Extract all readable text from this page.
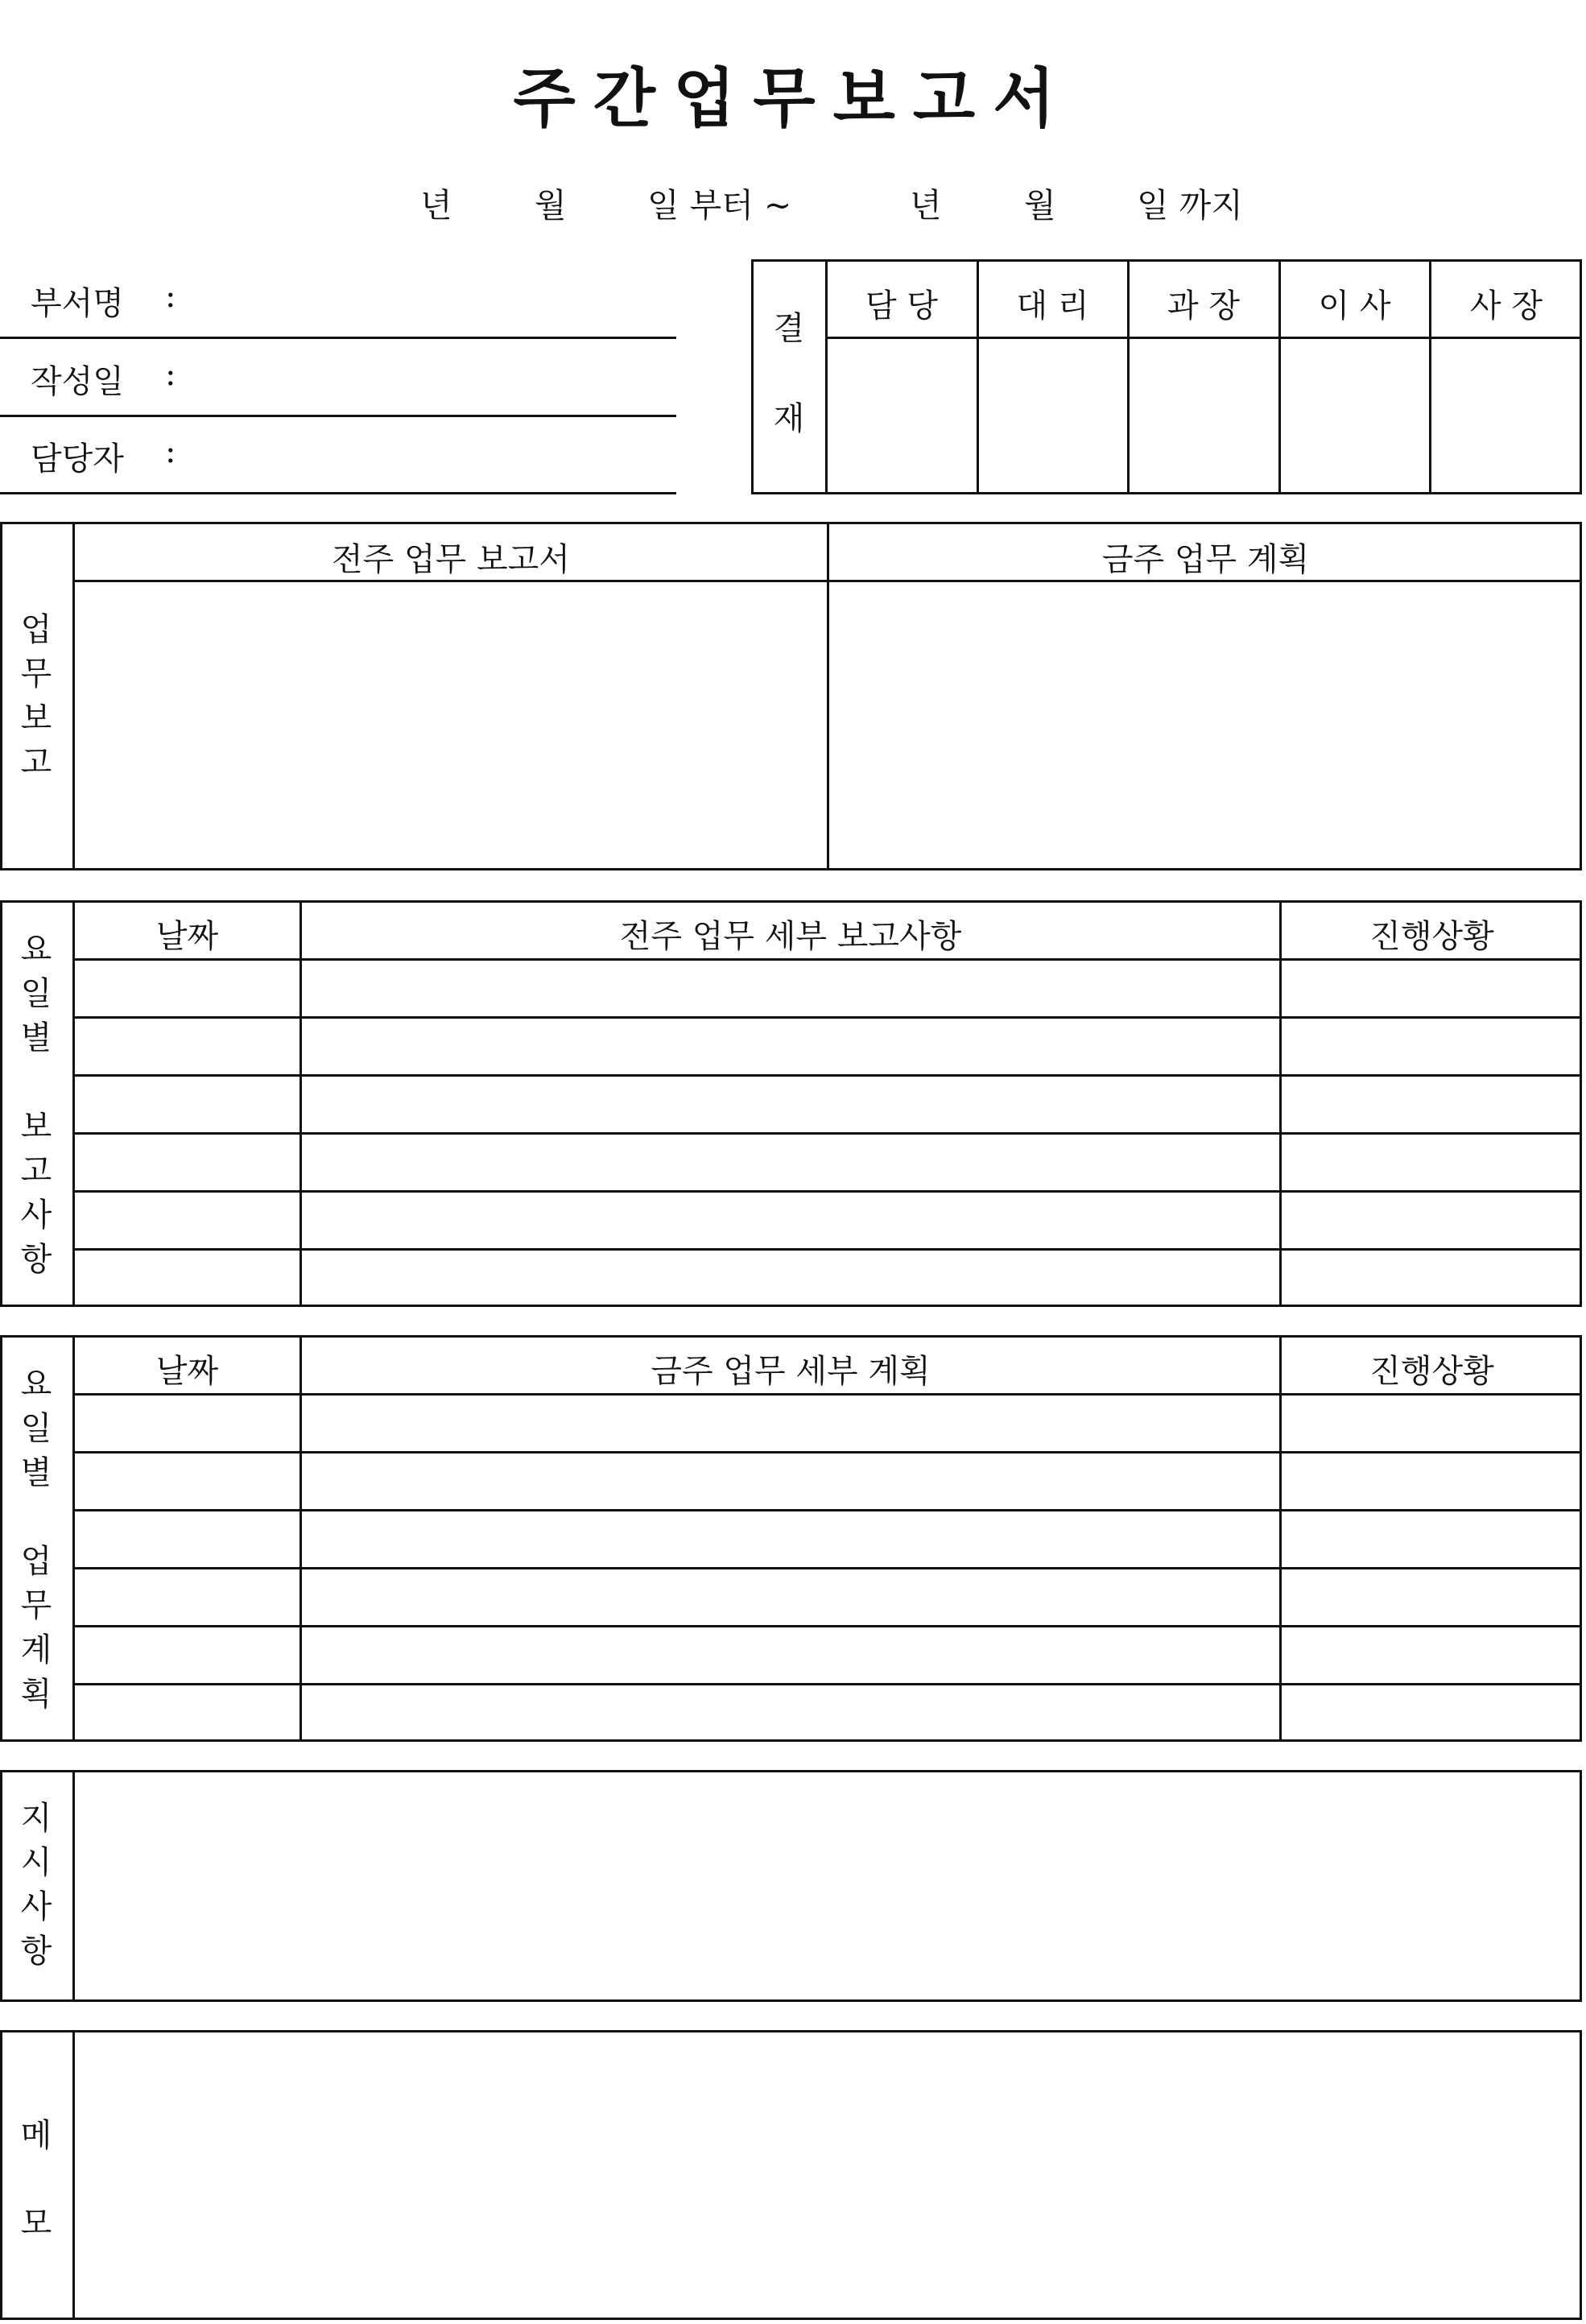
주간업무보고서
년 월 일 부터 ~	년 월 일 까지
부서명 :
작성일 :
담당자 :
결
재
담 당	대 리	과 장	이 사	사 장
업
무
보
고
전주 업무 보고서	금주 업무 계획
요
일
별
보
고
사
항
날짜	전주 업무 세부 보고사항	진행상황
요
일
별
업
무
계
획
날짜	금주 업무 세부 계획	진행상황
지
시
사
항
메
모
